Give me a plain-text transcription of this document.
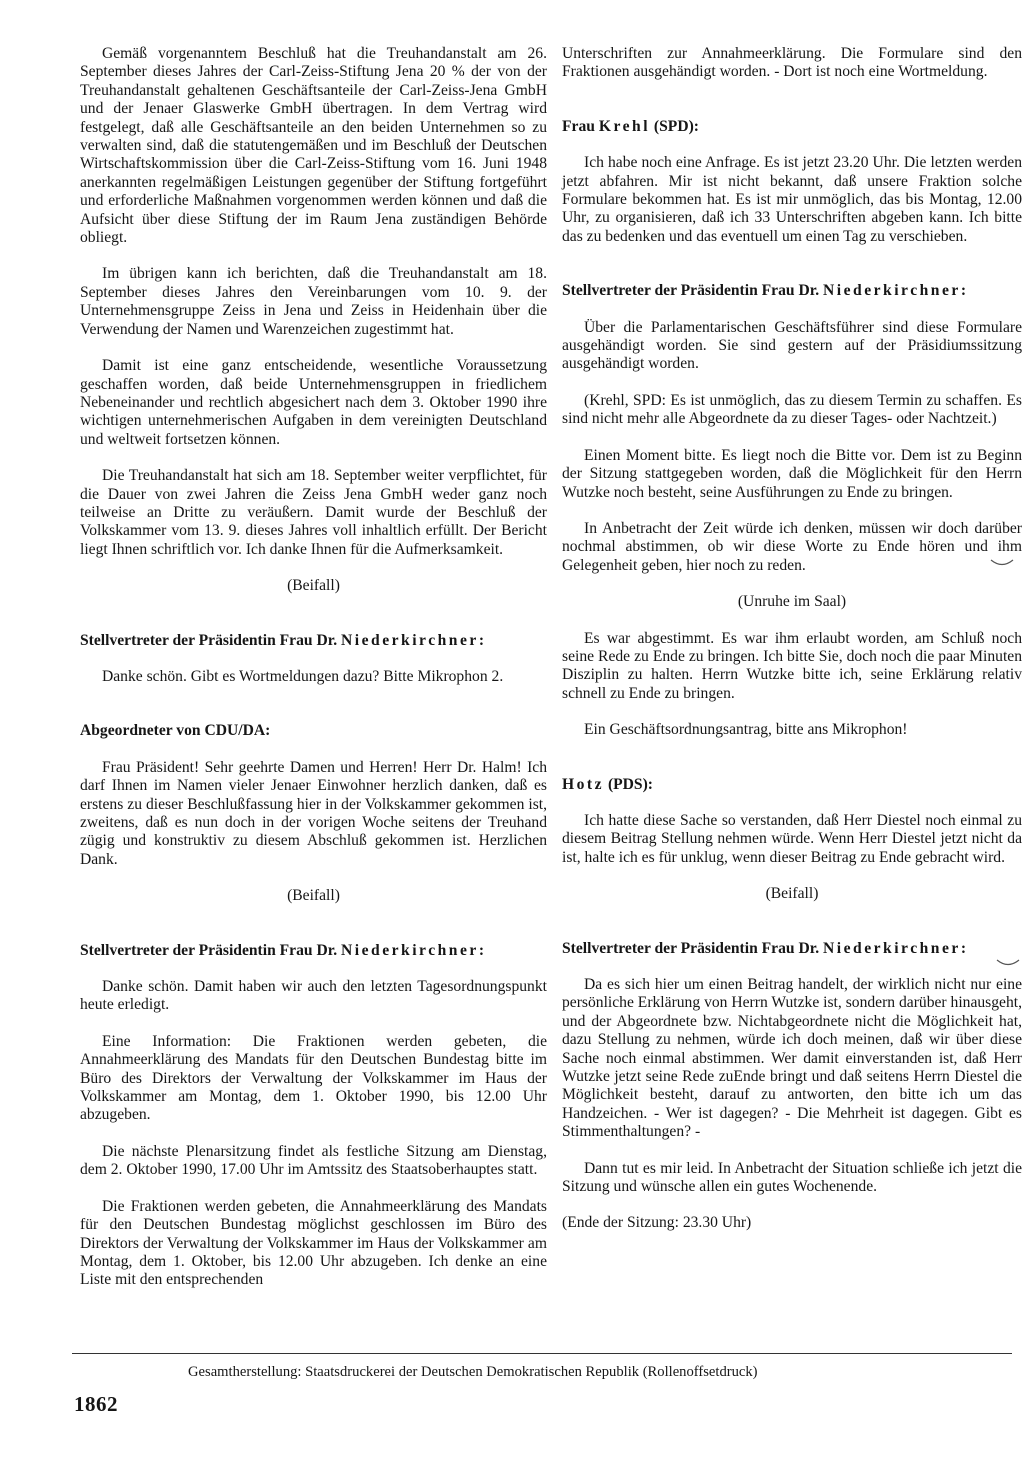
Gemäß vorgenanntem Beschluß hat die Treuhandanstalt am 26. September dieses Jahres der Carl-Zeiss-Stiftung Jena 20 % der von der Treuhandanstalt gehaltenen Geschäftsanteile der Carl-Zeiss-Jena GmbH und der Jenaer Glaswerke GmbH übertragen. In dem Vertrag wird festgelegt, daß alle Geschäftsanteile an den beiden Unternehmen so zu verwalten sind, daß die statutengemäßen und im Beschluß der Deutschen Wirtschaftskommission über die Carl-Zeiss-Stiftung vom 16. Juni 1948 anerkannten regelmäßigen Leistungen gegenüber der Stiftung fortgeführt und erforderliche Maßnahmen vorgenommen werden können und daß die Aufsicht über diese Stiftung der im Raum Jena zuständigen Behörde obliegt.

Im übrigen kann ich berichten, daß die Treuhandanstalt am 18. September dieses Jahres den Vereinbarungen vom 10. 9. der Unternehmensgruppe Zeiss in Jena und Zeiss in Heidenhain über die Verwendung der Namen und Warenzeichen zugestimmt hat.

Damit ist eine ganz entscheidende, wesentliche Voraussetzung geschaffen worden, daß beide Unternehmensgruppen in friedlichem Nebeneinander und rechtlich abgesichert nach dem 3. Oktober 1990 ihre wichtigen unternehmerischen Aufgaben in dem vereinigten Deutschland und weltweit fortsetzen können.

Die Treuhandanstalt hat sich am 18. September weiter verpflichtet, für die Dauer von zwei Jahren die Zeiss Jena GmbH weder ganz noch teilweise an Dritte zu veräußern. Damit wurde der Beschluß der Volkskammer vom 13. 9. dieses Jahres voll inhaltlich erfüllt. Der Bericht liegt Ihnen schriftlich vor. Ich danke Ihnen für die Aufmerksamkeit.

(Beifall)

Stellvertreter der Präsidentin Frau Dr. Niederkirchner:

Danke schön. Gibt es Wortmeldungen dazu? Bitte Mikrophon 2.

Abgeordneter von CDU/DA:

Frau Präsident! Sehr geehrte Damen und Herren! Herr Dr. Halm! Ich darf Ihnen im Namen vieler Jenaer Einwohner herzlich danken, daß es erstens zu dieser Beschlußfassung hier in der Volkskammer gekommen ist, zweitens, daß es nun doch in der vorigen Woche seitens der Treuhand zügig und konstruktiv zu diesem Abschluß gekommen ist. Herzlichen Dank.

(Beifall)

Stellvertreter der Präsidentin Frau Dr. Niederkirchner:

Danke schön. Damit haben wir auch den letzten Tagesordnungspunkt heute erledigt.

Eine Information: Die Fraktionen werden gebeten, die Annahmeerklärung des Mandats für den Deutschen Bundestag bitte im Büro des Direktors der Verwaltung der Volkskammer im Haus der Volkskammer am Montag, dem 1. Oktober 1990, bis 12.00 Uhr abzugeben.

Die nächste Plenarsitzung findet als festliche Sitzung am Dienstag, dem 2. Oktober 1990, 17.00 Uhr im Amtssitz des Staatsoberhauptes statt.

Die Fraktionen werden gebeten, die Annahmeerklärung des Mandats für den Deutschen Bundestag möglichst geschlossen im Büro des Direktors der Verwaltung der Volkskammer im Haus der Volkskammer am Montag, dem 1. Oktober, bis 12.00 Uhr abzugeben. Ich denke an eine Liste mit den entsprechenden

Unterschriften zur Annahmeerklärung. Die Formulare sind den Fraktionen ausgehändigt worden. - Dort ist noch eine Wortmeldung.

Frau Krehl (SPD):

Ich habe noch eine Anfrage. Es ist jetzt 23.20 Uhr. Die letzten werden jetzt abfahren. Mir ist nicht bekannt, daß unsere Fraktion solche Formulare bekommen hat. Es ist mir unmöglich, das bis Montag, 12.00 Uhr, zu organisieren, daß ich 33 Unterschriften abgeben kann. Ich bitte das zu bedenken und das eventuell um einen Tag zu verschieben.

Stellvertreter der Präsidentin Frau Dr. Niederkirchner:

Über die Parlamentarischen Geschäftsführer sind diese Formulare ausgehändigt worden. Sie sind gestern auf der Präsidiumssitzung ausgehändigt worden.

(Krehl, SPD: Es ist unmöglich, das zu diesem Termin zu schaffen. Es sind nicht mehr alle Abgeordnete da zu dieser Tages- oder Nachtzeit.)

Einen Moment bitte. Es liegt noch die Bitte vor. Dem ist zu Beginn der Sitzung stattgegeben worden, daß die Möglichkeit für den Herrn Wutzke noch besteht, seine Ausführungen zu Ende zu bringen.

In Anbetracht der Zeit würde ich denken, müssen wir doch darüber nochmal abstimmen, ob wir diese Worte zu Ende hören und ihm Gelegenheit geben, hier noch zu reden.

(Unruhe im Saal)

Es war abgestimmt. Es war ihm erlaubt worden, am Schluß noch seine Rede zu Ende zu bringen. Ich bitte Sie, doch noch die paar Minuten Disziplin zu halten. Herrn Wutzke bitte ich, seine Erklärung relativ schnell zu Ende zu bringen.

Ein Geschäftsordnungsantrag, bitte ans Mikrophon!

Hotz (PDS):

Ich hatte diese Sache so verstanden, daß Herr Diestel noch einmal zu diesem Beitrag Stellung nehmen würde. Wenn Herr Diestel jetzt nicht da ist, halte ich es für unklug, wenn dieser Beitrag zu Ende gebracht wird.

(Beifall)

Stellvertreter der Präsidentin Frau Dr. Niederkirchner:

Da es sich hier um einen Beitrag handelt, der wirklich nicht nur eine persönliche Erklärung von Herrn Wutzke ist, sondern darüber hinausgeht, und der Abgeordnete bzw. Nichtabgeordnete nicht die Möglichkeit hat, dazu Stellung zu nehmen, würde ich doch meinen, daß wir über diese Sache noch einmal abstimmen. Wer damit einverstanden ist, daß Herr Wutzke jetzt seine Rede zuEnde bringt und daß seitens Herrn Diestel die Möglichkeit besteht, darauf zu antworten, den bitte ich um das Handzeichen. - Wer ist dagegen? - Die Mehrheit ist dagegen. Gibt es Stimmenthaltungen? -

Dann tut es mir leid. In Anbetracht der Situation schließe ich jetzt die Sitzung und wünsche allen ein gutes Wochenende.

(Ende der Sitzung: 23.30 Uhr)

Gesamtherstellung: Staatsdruckerei der Deutschen Demokratischen Republik (Rollenoffsetdruck)
1862
